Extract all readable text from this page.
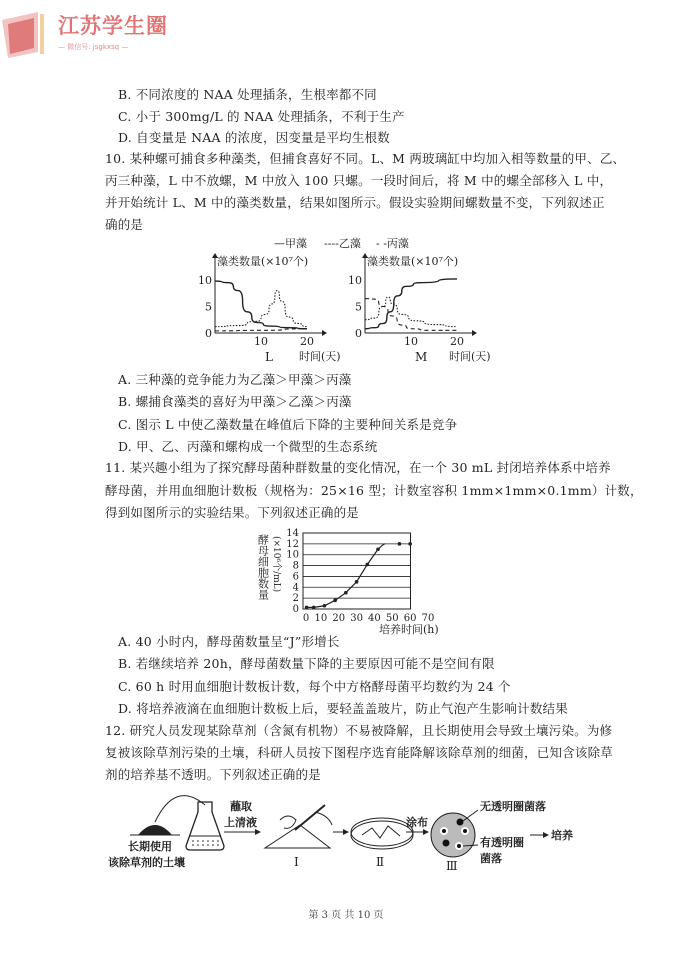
江苏学生圈
— 微信号: jsgkxsq —
B. 不同浓度的 NAA 处理插条，生根率都不同
C. 小于 300mg/L 的 NAA 处理插条，不利于生产
D. 自变量是 NAA 的浓度，因变量是平均生根数
10. 某种螺可捕食多种藻类，但捕食喜好不同。L、M 两玻璃缸中均加入相等数量的甲、乙、
丙三种藻，L 中不放螺，M 中放入 100 只螺。一段时间后，将 M 中的螺全部移入 L 中，
并开始统计 L、M 中的藻类数量，结果如图所示。假设实验期间螺数量不变，下列叙述正
确的是
—甲藻 ----乙藻 - -丙藻
藻类数量(×10⁷个)
0
5
10
10	20
时间(天)
L
藻类数量(×10⁷个)
0
5
10
10	20
时间(天)
M
A. 三种藻的竞争能力为乙藻＞甲藻＞丙藻
B. 螺捕食藻类的喜好为甲藻＞乙藻＞丙藻
C. 图示 L 中使乙藻数量在峰值后下降的主要种间关系是竞争
D. 甲、乙、丙藻和螺构成一个微型的生态系统
11. 某兴趣小组为了探究酵母菌种群数量的变化情况，在一个 30 mL 封闭培养体系中培养
酵母菌，并用血细胞计数板（规格为：25×16 型；计数室容积 1mm×1mm×0.1mm）计数，
得到如图所示的实验结果。下列叙述正确的是
酵母细胞数量 (×10⁶个/mL)
培养时间(h)
0
2
4
6
8
10
12
14
0 10 20 30 40 50 60 70
A. 40 小时内，酵母菌数量呈“J”形增长
B. 若继续培养 20h，酵母菌数量下降的主要原因可能不是空间有限
C. 60 h 时用血细胞计数板计数，每个中方格酵母菌平均数约为 24 个
D. 将培养液滴在血细胞计数板上后，要轻盖盖玻片，防止气泡产生影响计数结果
12. 研究人员发现某除草剂（含氮有机物）不易被降解，且长期使用会导致土壤污染。为修
复被该除草剂污染的土壤，科研人员按下图程序选育能降解该除草剂的细菌，已知含该除草
剂的培养基不透明。下列叙述正确的是
长期使用
该除草剂的土壤
蘸取
上清液
Ⅰ	Ⅱ
涂布
Ⅲ
无透明圈菌落
有透明圈
菌落
培养
第 3 页 共 10 页
